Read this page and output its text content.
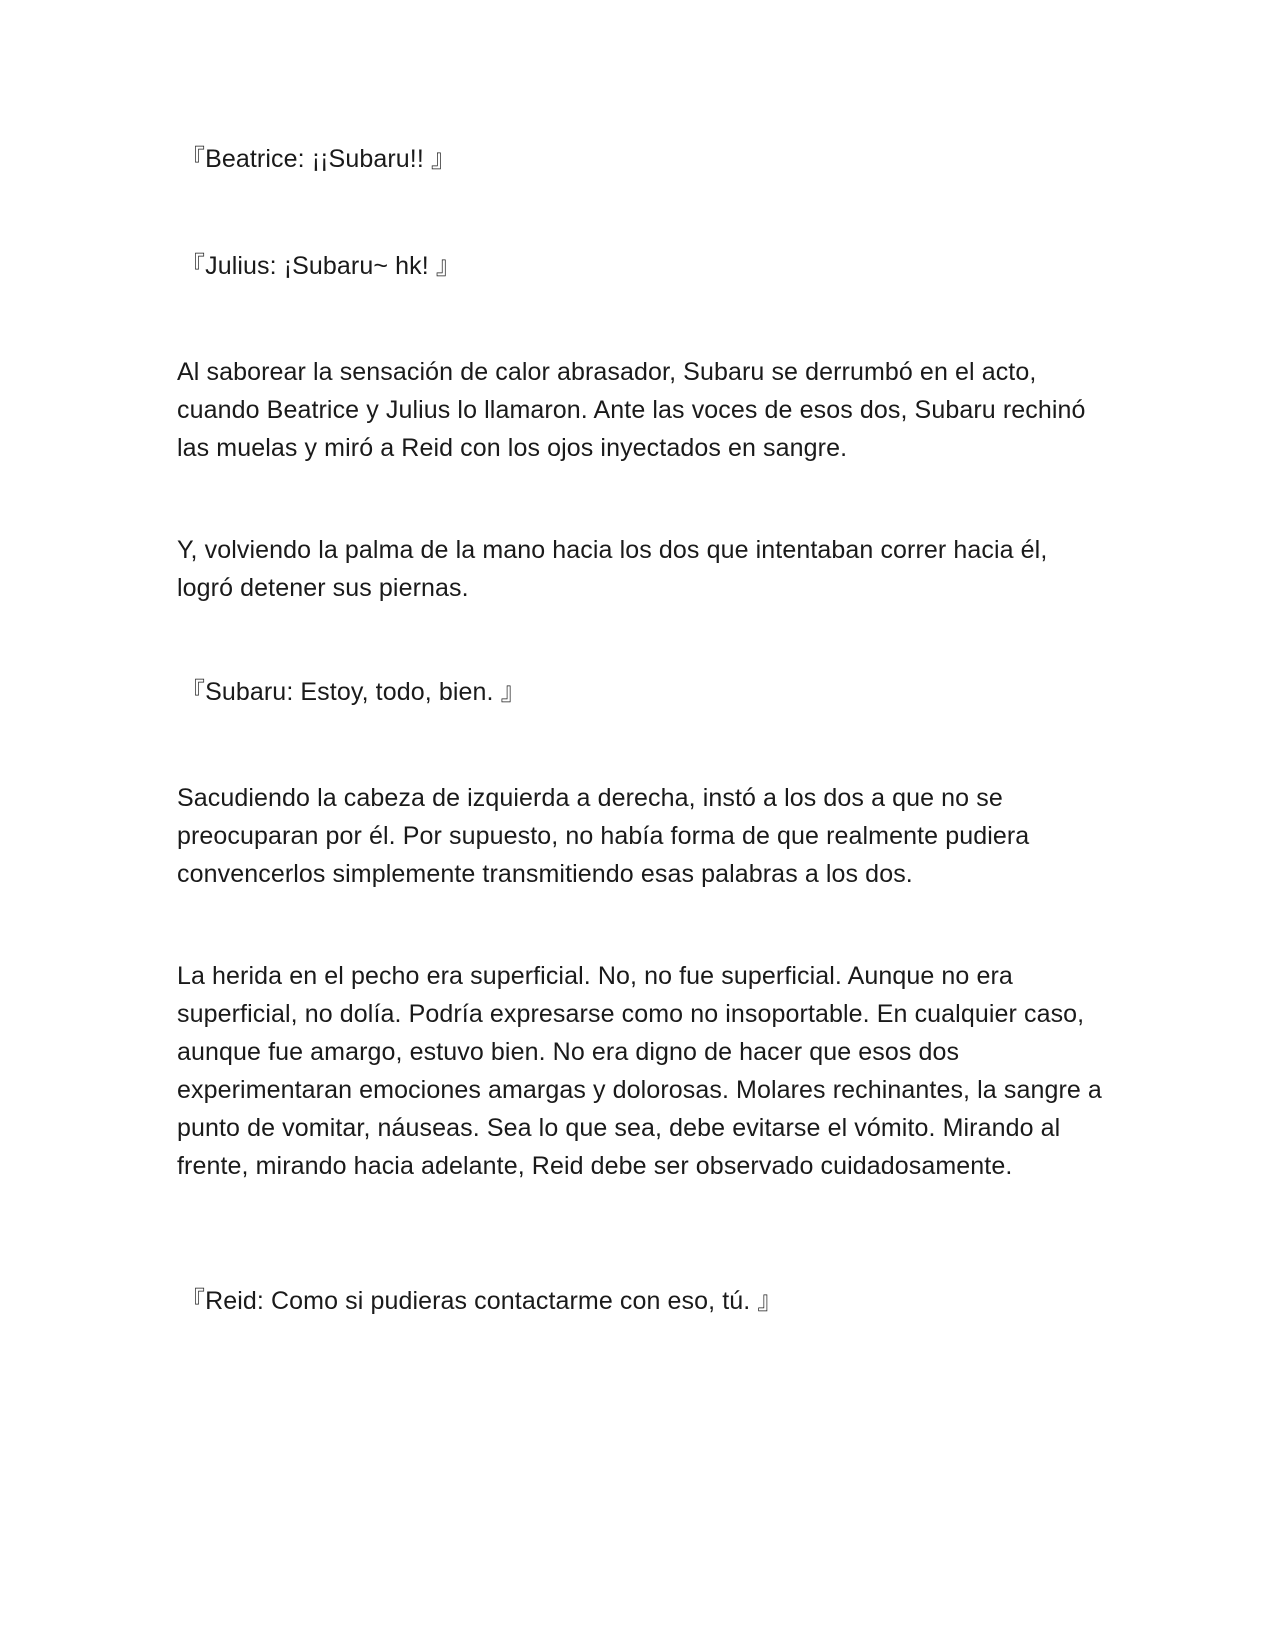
『Beatrice: ¡¡Subaru!! 』

『Julius: ¡Subaru~ hk! 』

Al saborear la sensación de calor abrasador, Subaru se derrumbó en el acto, cuando Beatrice y Julius lo llamaron. Ante las voces de esos dos, Subaru rechinó las muelas y miró a Reid con los ojos inyectados en sangre.

Y, volviendo la palma de la mano hacia los dos que intentaban correr hacia él, logró detener sus piernas.

『Subaru: Estoy, todo, bien. 』

Sacudiendo la cabeza de izquierda a derecha, instó a los dos a que no se preocuparan por él. Por supuesto, no había forma de que realmente pudiera convencerlos simplemente transmitiendo esas palabras a los dos.

La herida en el pecho era superficial. No, no fue superficial. Aunque no era superficial, no dolía. Podría expresarse como no insoportable. En cualquier caso, aunque fue amargo, estuvo bien. No era digno de hacer que esos dos experimentaran emociones amargas y dolorosas. Molares rechinantes, la sangre a punto de vomitar, náuseas. Sea lo que sea, debe evitarse el vómito. Mirando al frente, mirando hacia adelante, Reid debe ser observado cuidadosamente.

『Reid: Como si pudieras contactarme con eso, tú. 』
